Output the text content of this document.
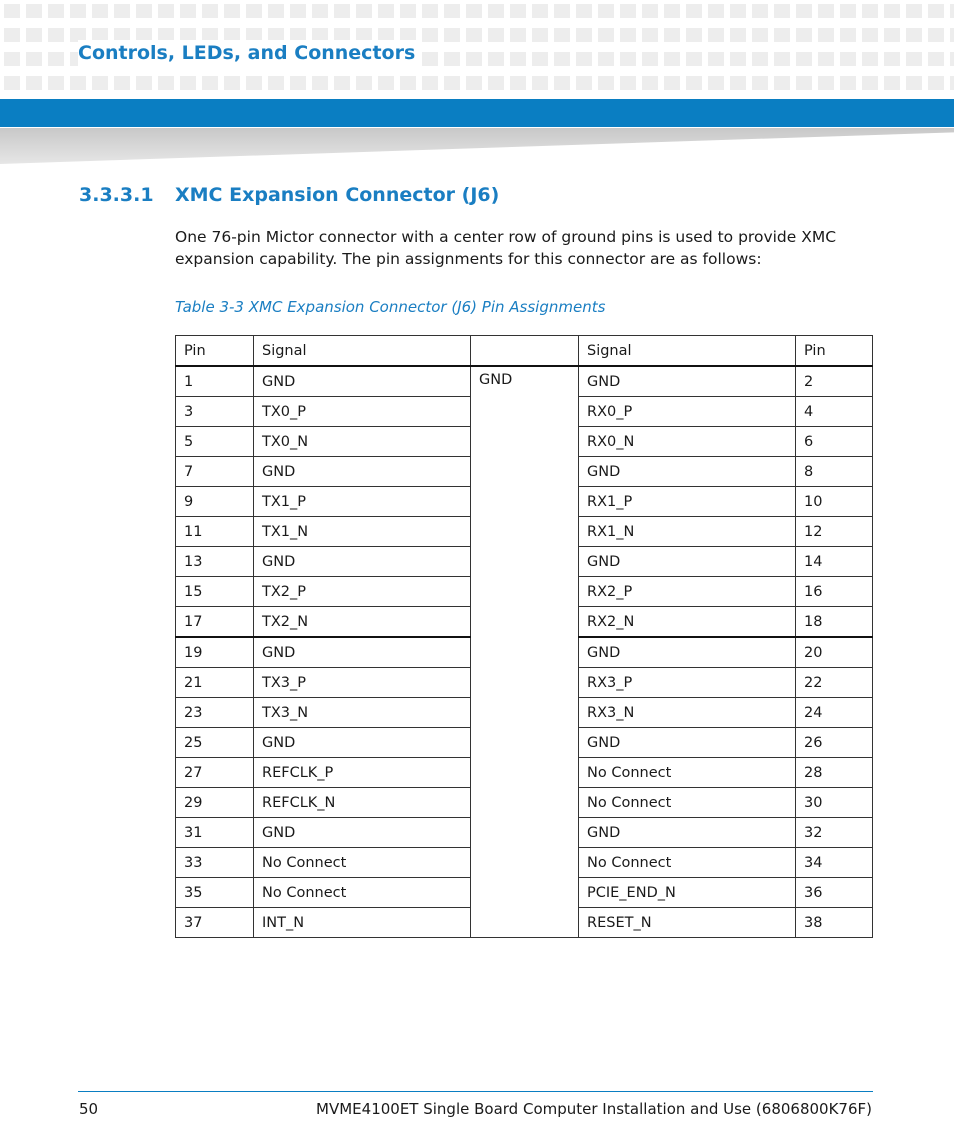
Controls, LEDs, and Connectors
3.3.3.1 XMC Expansion Connector (J6)

One 76-pin Mictor connector with a center row of ground pins is used to provide XMC expansion capability. The pin assignments for this connector are as follows:

Table 3-3 XMC Expansion Connector (J6) Pin Assignments

Pin	Signal		Signal	Pin
1	GND	GND	GND	2
3	TX0_P		RX0_P	4
5	TX0_N		RX0_N	6
7	GND		GND	8
9	TX1_P		RX1_P	10
11	TX1_N		RX1_N	12
13	GND		GND	14
15	TX2_P		RX2_P	16
17	TX2_N		RX2_N	18
19	GND		GND	20
21	TX3_P		RX3_P	22
23	TX3_N		RX3_N	24
25	GND		GND	26
27	REFCLK_P		No Connect	28
29	REFCLK_N		No Connect	30
31	GND		GND	32
33	No Connect		No Connect	34
35	No Connect		PCIE_END_N	36
37	INT_N		RESET_N	38

50	MVME4100ET Single Board Computer Installation and Use (6806800K76F)
